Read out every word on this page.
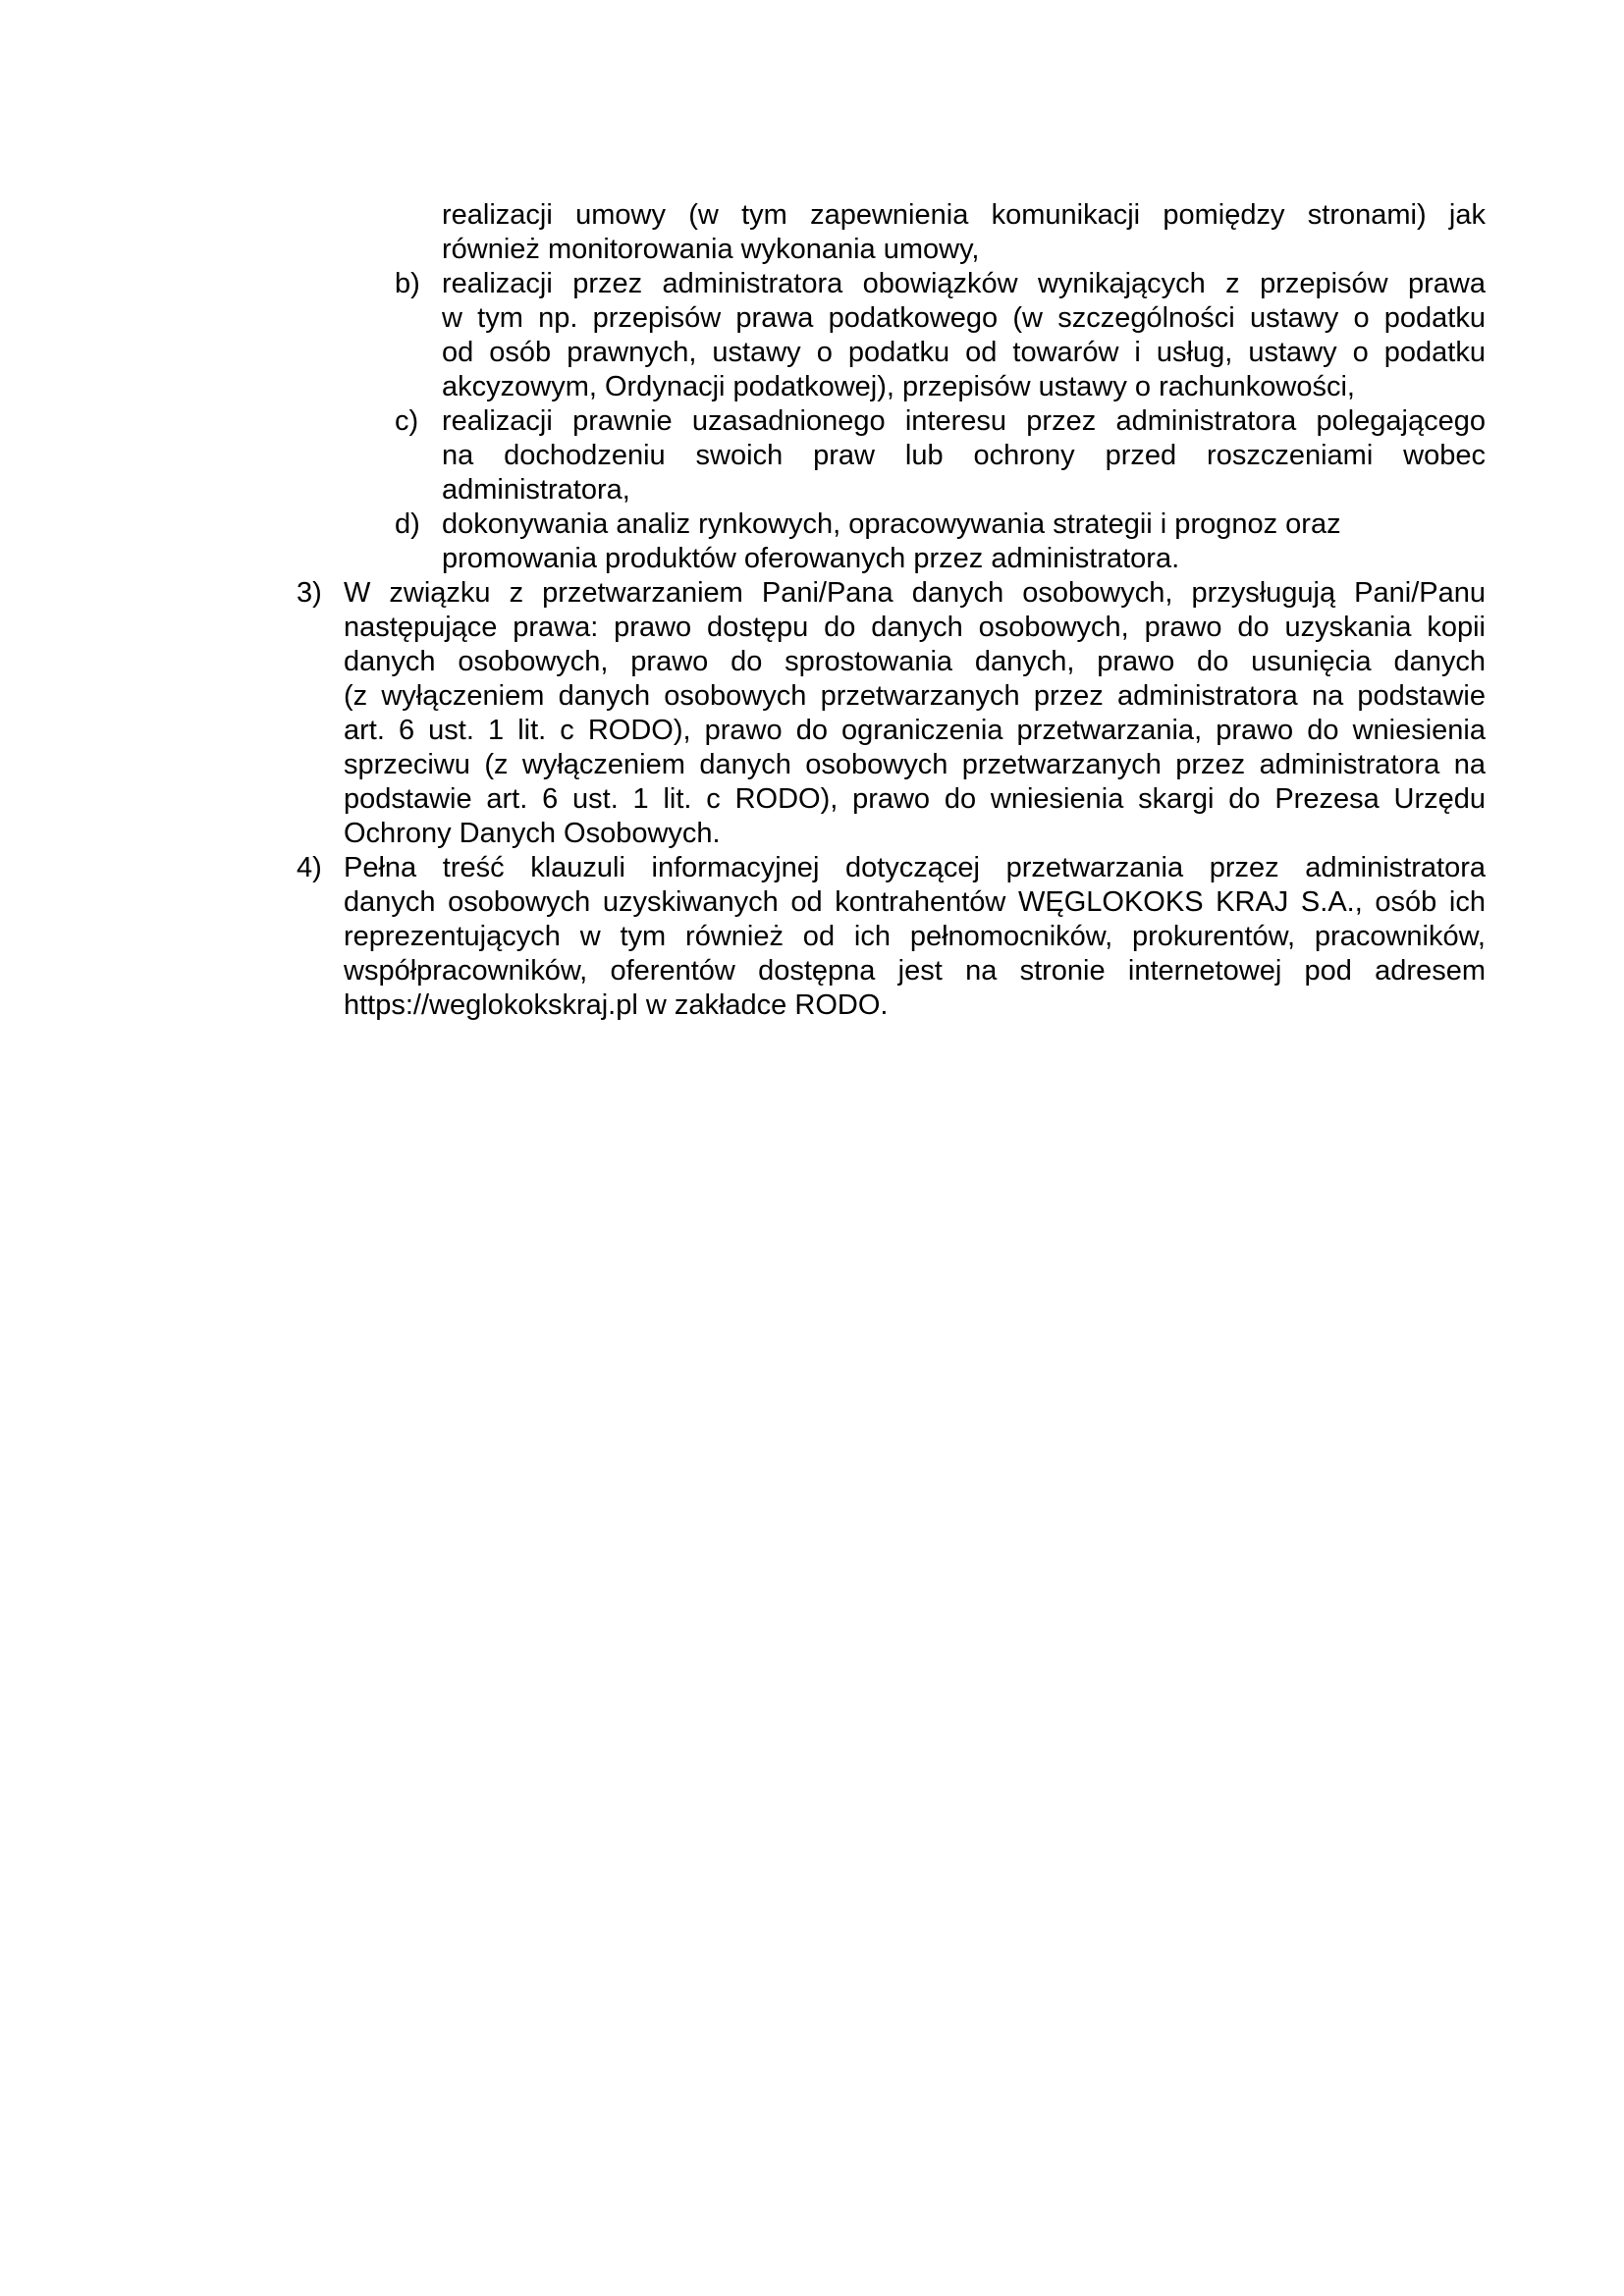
realizacji umowy (w tym zapewnienia komunikacji pomiędzy stronami) jak
również monitorowania wykonania umowy,
b) realizacji przez administratora obowiązków wynikających z przepisów prawa
w tym np. przepisów prawa podatkowego (w szczególności ustawy o podatku
od osób prawnych, ustawy o podatku od towarów i usług, ustawy o podatku
akcyzowym, Ordynacji podatkowej), przepisów ustawy o rachunkowości,
c) realizacji prawnie uzasadnionego interesu przez administratora polegającego
na dochodzeniu swoich praw lub ochrony przed roszczeniami wobec
administratora,
d) dokonywania analiz rynkowych, opracowywania strategii i prognoz oraz
promowania produktów oferowanych przez administratora.
3) W związku z przetwarzaniem Pani/Pana danych osobowych, przysługują Pani/Panu
następujące prawa: prawo dostępu do danych osobowych, prawo do uzyskania kopii
danych osobowych, prawo do sprostowania danych, prawo do usunięcia danych
(z wyłączeniem danych osobowych przetwarzanych przez administratora na podstawie
art. 6 ust. 1 lit. c RODO), prawo do ograniczenia przetwarzania, prawo do wniesienia
sprzeciwu (z wyłączeniem danych osobowych przetwarzanych przez administratora na
podstawie art. 6 ust. 1 lit. c RODO), prawo do wniesienia skargi do Prezesa Urzędu
Ochrony Danych Osobowych.
4) Pełna treść klauzuli informacyjnej dotyczącej przetwarzania przez administratora
danych osobowych uzyskiwanych od kontrahentów WĘGLOKOKS KRAJ S.A., osób ich
reprezentujących w tym również od ich pełnomocników, prokurentów, pracowników,
współpracowników, oferentów dostępna jest na stronie internetowej pod adresem
https://weglokokskraj.pl w zakładce RODO.
